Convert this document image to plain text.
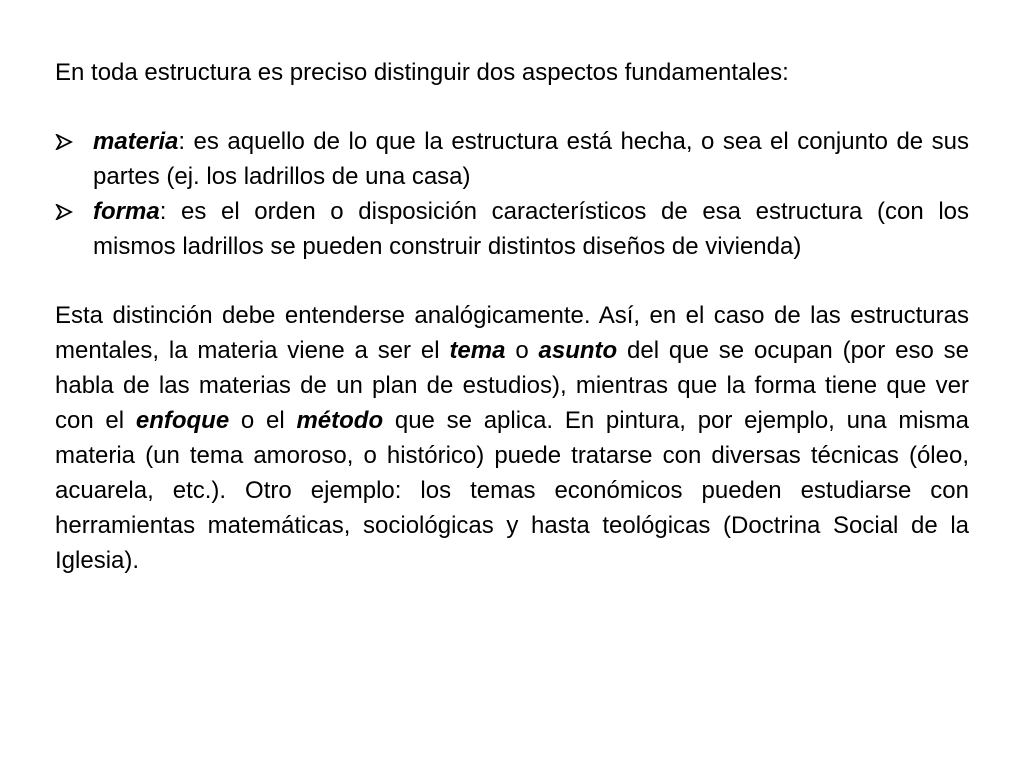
En toda estructura es preciso distinguir dos aspectos fundamentales:

materia: es aquello de lo que la estructura está hecha, o sea el conjunto de sus partes (ej. los ladrillos de una casa)
forma: es el orden o disposición característicos de esa estructura (con los mismos ladrillos se pueden construir distintos diseños de vivienda)

Esta distinción debe entenderse analógicamente. Así, en el caso de las estructuras mentales, la materia viene a ser el tema o asunto del que se ocupan (por eso se habla de las materias de un plan de estudios), mientras que la forma tiene que ver con el enfoque o el método que se aplica. En pintura, por ejemplo, una misma materia (un tema amoroso, o histórico) puede tratarse con diversas técnicas (óleo, acuarela, etc.). Otro ejemplo: los temas económicos pueden estudiarse con herramientas matemáticas, sociológicas y hasta teológicas (Doctrina Social de la Iglesia).
